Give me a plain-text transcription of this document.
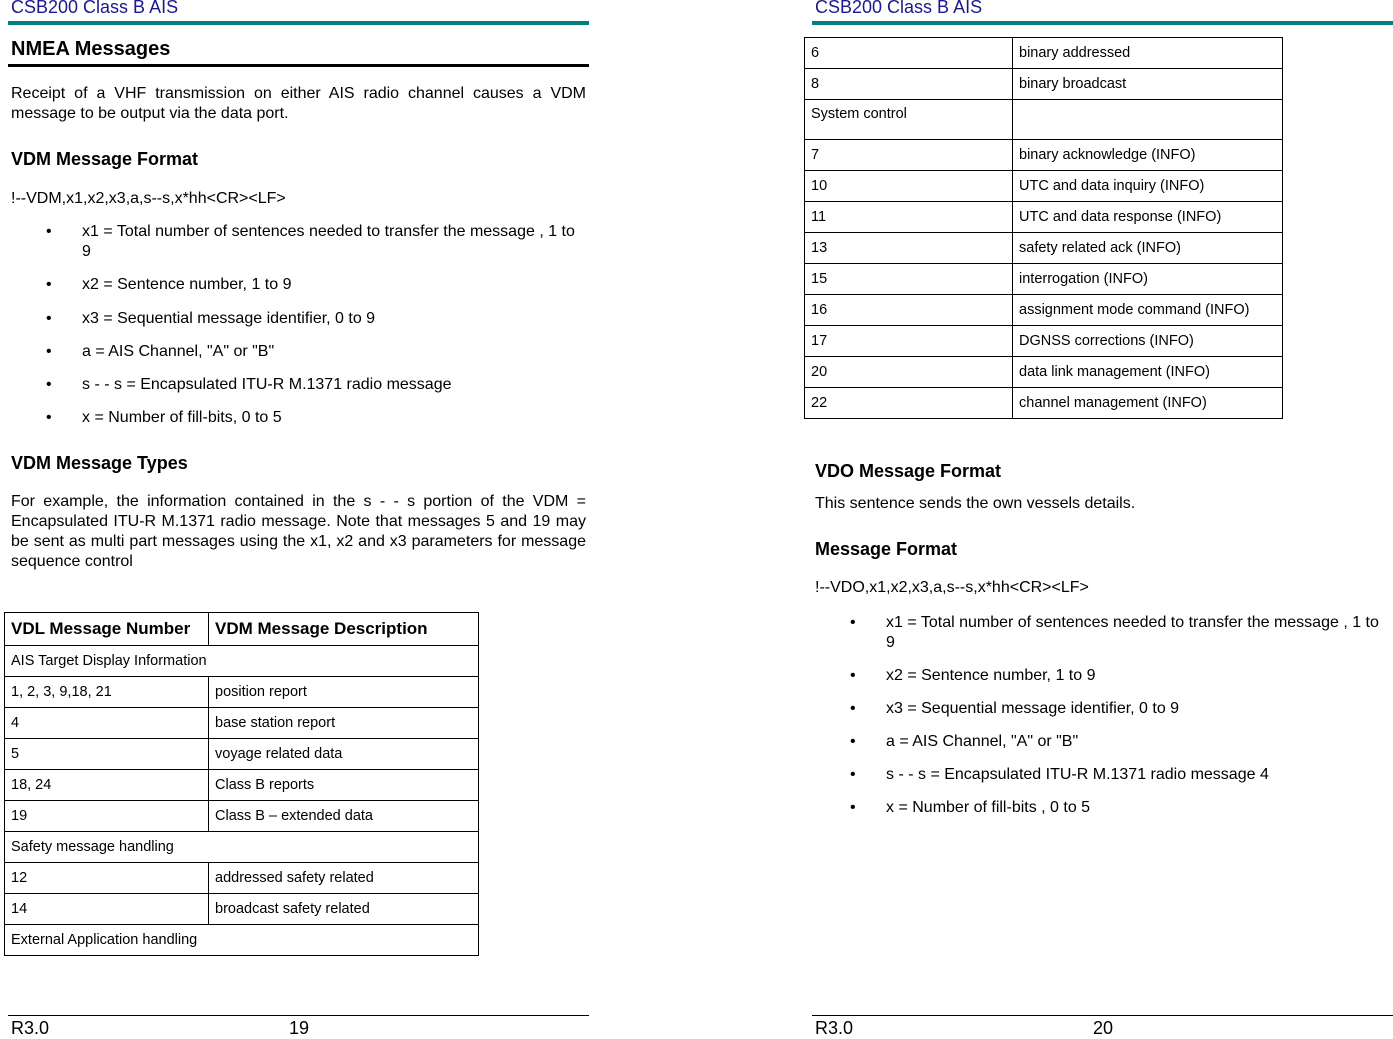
CSB200 Class B AIS
NMEA Messages
Receipt of a VHF transmission on either AIS radio channel causes a VDM message to be output via the data port.
VDM Message Format
!--VDM,x1,x2,x3,a,s--s,x*hh<CR><LF>
• x1 = Total number of sentences needed to transfer the message , 1 to 9
• x2 = Sentence number, 1 to 9
• x3 = Sequential message identifier, 0 to 9
• a = AIS Channel, "A" or "B"
• s - - s = Encapsulated ITU-R M.1371 radio message
• x = Number of fill-bits, 0 to 5
VDM Message Types
For example, the information contained in the s - - s portion of the VDM = Encapsulated ITU-R M.1371 radio message. Note that messages 5 and 19 may be sent as multi part messages using the x1, x2 and x3 parameters for message sequence control
VDL Message Number	VDM Message Description
AIS Target Display Information	
1, 2, 3, 9,18, 21	position report
4	base station report
5	voyage related data
18, 24	Class B reports
19	Class B – extended data
Safety message handling	
12	addressed safety related
14	broadcast safety related
External Application handling	
R3.0	19
CSB200 Class B AIS
6	binary addressed
8	binary broadcast
System control	
7	binary acknowledge (INFO)
10	UTC and data inquiry (INFO)
11	UTC and data response (INFO)
13	safety related ack (INFO)
15	interrogation (INFO)
16	assignment mode command (INFO)
17	DGNSS corrections (INFO)
20	data link management (INFO)
22	channel management (INFO)
VDO Message Format
This sentence sends the own vessels details.
Message Format
!--VDO,x1,x2,x3,a,s--s,x*hh<CR><LF>
• x1 = Total number of sentences needed to transfer the message , 1 to 9
• x2 = Sentence number, 1 to 9
• x3 = Sequential message identifier, 0 to 9
• a = AIS Channel, "A" or "B"
• s - - s = Encapsulated ITU-R M.1371 radio message 4
• x = Number of fill-bits , 0 to 5
R3.0	20
